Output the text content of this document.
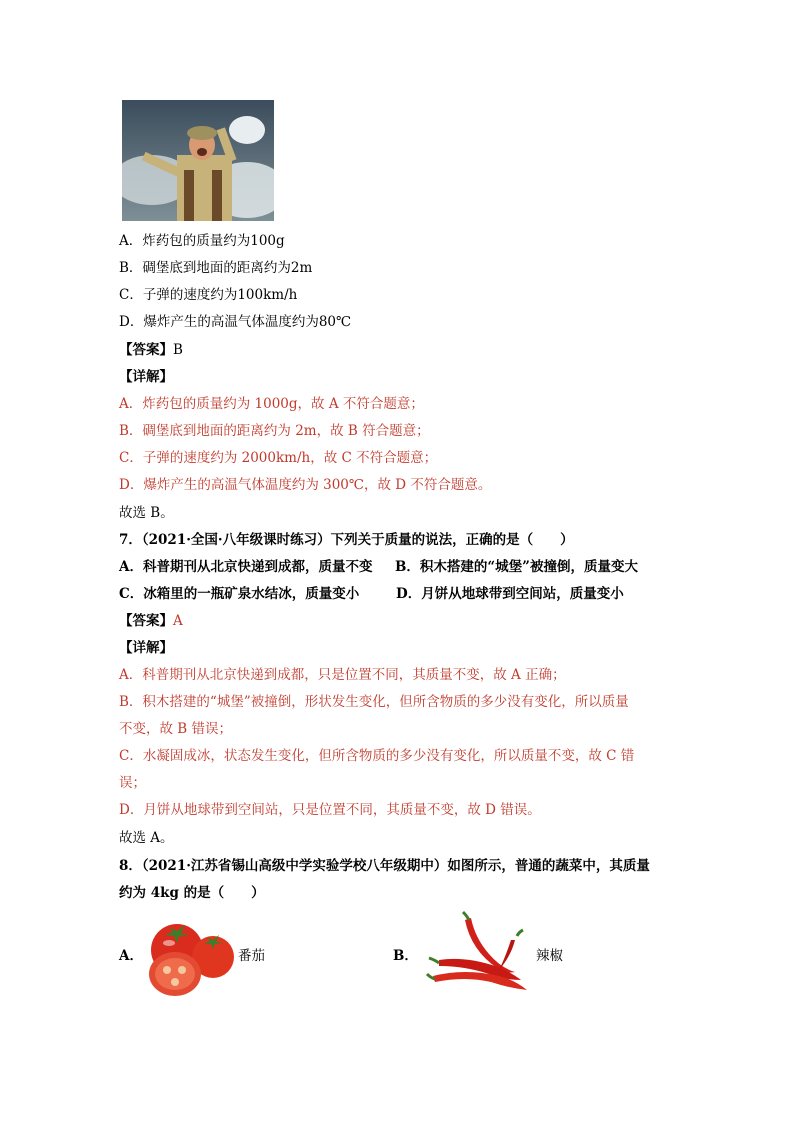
A．炸药包的质量约为100g
B．碉堡底到地面的距离约为2m
C．子弹的速度约为100km/h
D．爆炸产生的高温气体温度约为80℃
【答案】B
【详解】
A．炸药包的质量约为 1000g，故 A 不符合题意；
B．碉堡底到地面的距离约为 2m，故 B 符合题意；
C．子弹的速度约为 2000km/h，故 C 不符合题意；
D．爆炸产生的高温气体温度约为 300℃，故 D 不符合题意。
故选 B。
7．（2021·全国·八年级课时练习）下列关于质量的说法，正确的是（　　）
A．科普期刊从北京快递到成都，质量不变 B．积木搭建的“城堡”被撞倒，质量变大
C．冰箱里的一瓶矿泉水结冰，质量变小	D．月饼从地球带到空间站，质量变小
【答案】A
【详解】
A．科普期刊从北京快递到成都，只是位置不同，其质量不变，故 A 正确；
B．积木搭建的“城堡”被撞倒，形状发生变化，但所含物质的多少没有变化，所以质量
不变，故 B 错误；
C．水凝固成冰，状态发生变化，但所含物质的多少没有变化，所以质量不变，故 C 错
误；
D．月饼从地球带到空间站，只是位置不同，其质量不变，故 D 错误。
故选 A。
8．（2021·江苏省锡山高级中学实验学校八年级期中）如图所示，普通的蔬菜中，其质量
约为 4kg 的是（　　）
A．	番茄	B．	辣椒
